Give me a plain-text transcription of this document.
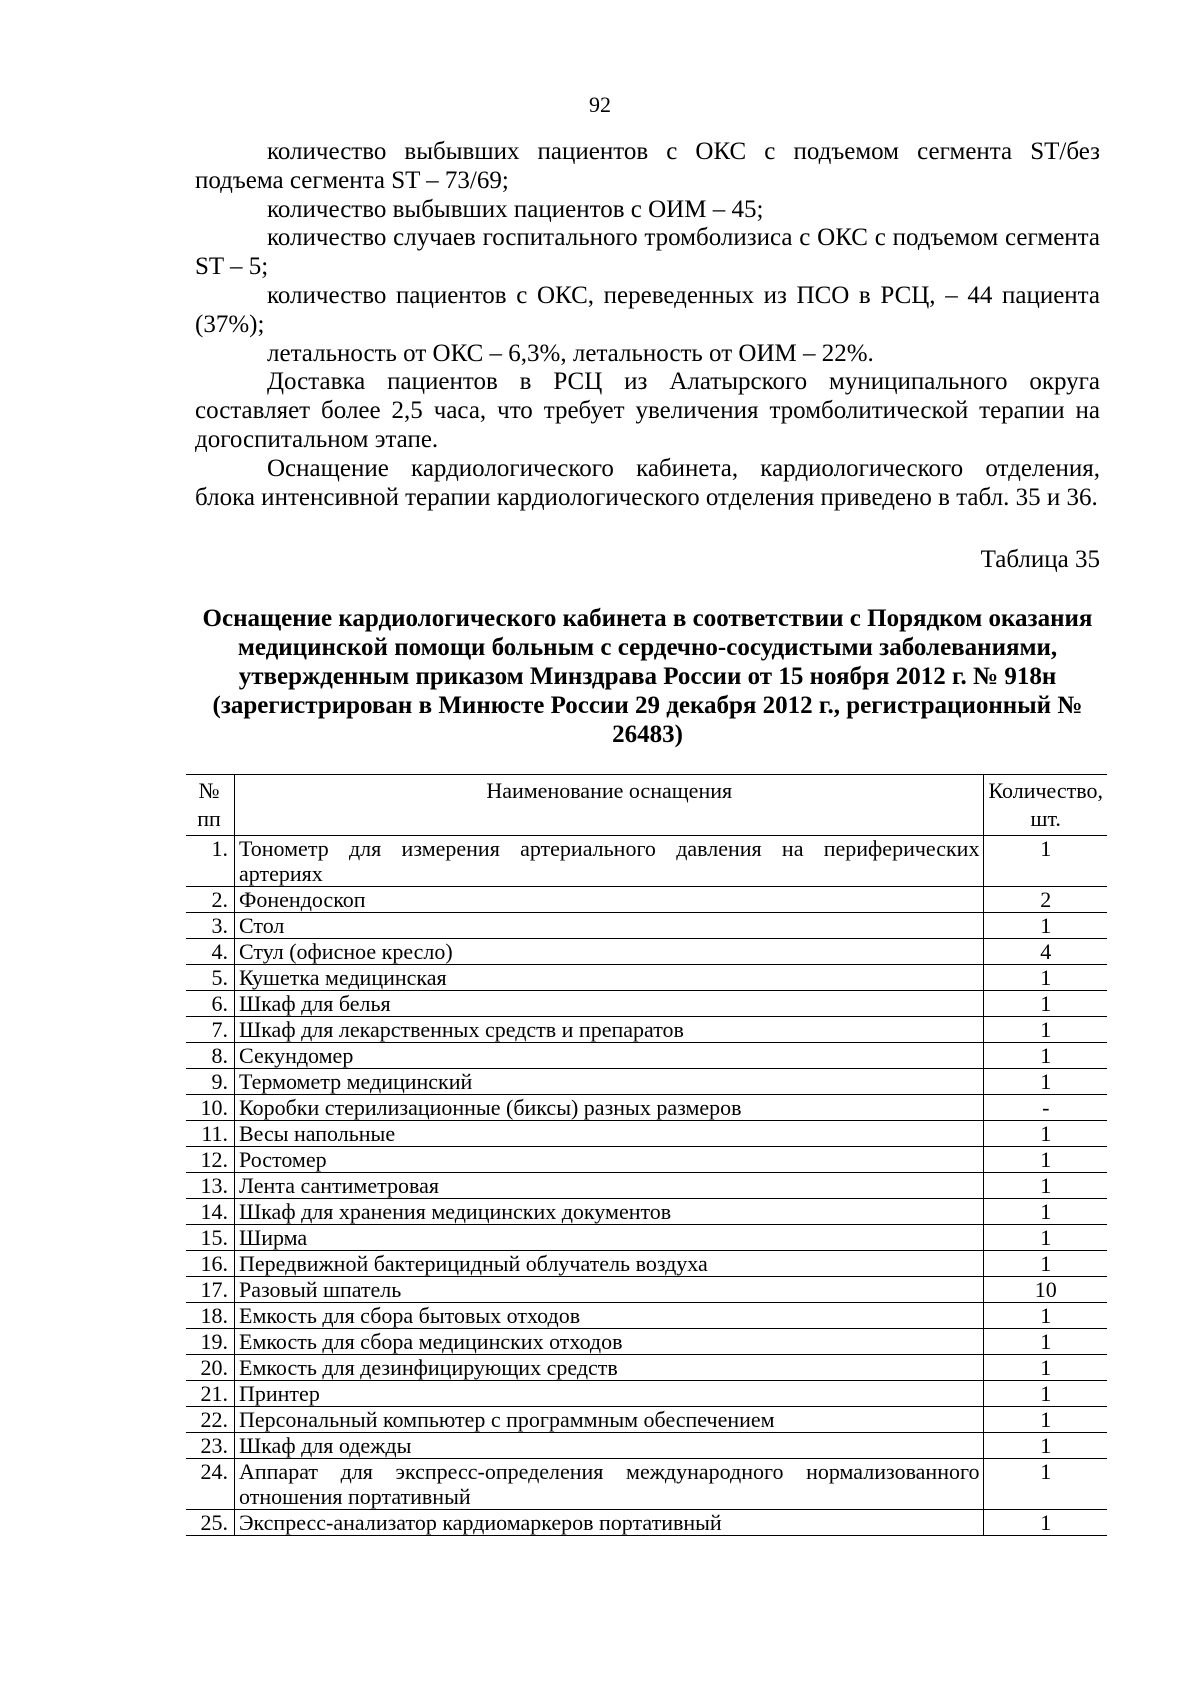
92

количество выбывших пациентов с ОКС с подъемом сегмента ST/без подъема сегмента ST – 73/69;

количество выбывших пациентов с ОИМ – 45;

количество случаев госпитального тромболизиса с ОКС с подъемом сегмента ST – 5;

количество пациентов с ОКС, переведенных из ПСО в РСЦ, – 44 пациента (37%);

летальность от ОКС – 6,3%, летальность от ОИМ – 22%.

Доставка пациентов в РСЦ из Алатырского муниципального округа составляет более 2,5 часа, что требует увеличения тромболитической терапии на догоспитальном этапе.

Оснащение кардиологического кабинета, кардиологического отделения, блока интенсивной терапии кардиологического отделения приведено в табл. 35 и 36.

Таблица 35
Оснащение кардиологического кабинета в соответствии с Порядком оказания медицинской помощи больным с сердечно-сосудистыми заболеваниями, утвержденным приказом Минздрава России от 15 ноября 2012 г. № 918н (зарегистрирован в Минюсте России 29 декабря 2012 г., регистрационный № 26483)
№ пп	Наименование оснащения	Количество, шт.
1.	Тонометр для измерения артериального давления на периферических артериях	1
2.	Фонендоскоп	2
3.	Стол	1
4.	Стул (офисное кресло)	4
5.	Кушетка медицинская	1
6.	Шкаф для белья	1
7.	Шкаф для лекарственных средств и препаратов	1
8.	Секундомер	1
9.	Термометр медицинский	1
10.	Коробки стерилизационные (биксы) разных размеров	-
11.	Весы напольные	1
12.	Ростомер	1
13.	Лента сантиметровая	1
14.	Шкаф для хранения медицинских документов	1
15.	Ширма	1
16.	Передвижной бактерицидный облучатель воздуха	1
17.	Разовый шпатель	10
18.	Емкость для сбора бытовых отходов	1
19.	Емкость для сбора медицинских отходов	1
20.	Емкость для дезинфицирующих средств	1
21.	Принтер	1
22.	Персональный компьютер с программным обеспечением	1
23.	Шкаф для одежды	1
24.	Аппарат для экспресс-определения международного нормализованного отношения портативный	1
25.	Экспресс-анализатор кардиомаркеров портативный	1
